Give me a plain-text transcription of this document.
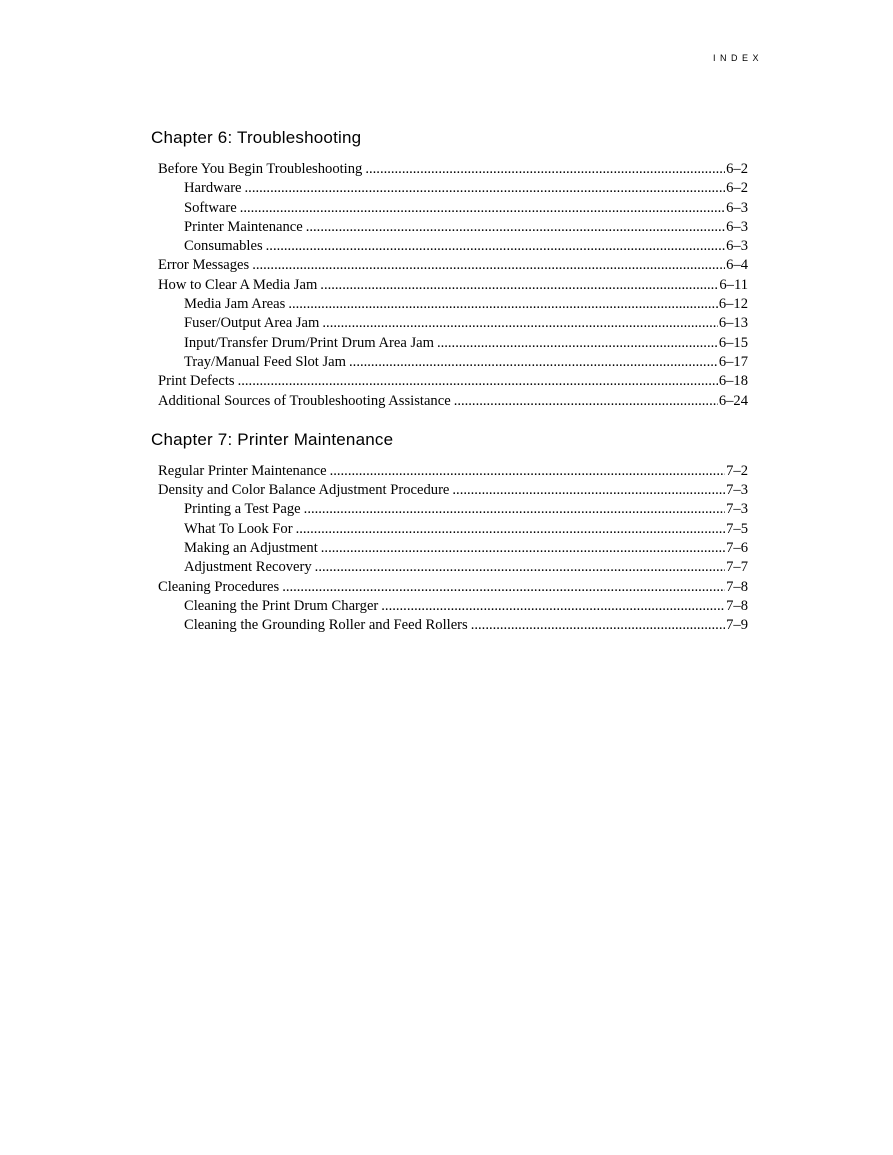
INDEX
Chapter 6: Troubleshooting
Before You Begin Troubleshooting .....	6–2
Hardware .....	6–2
Software .....	6–3
Printer Maintenance .....	6–3
Consumables .....	6–3
Error Messages .....	6–4
How to Clear A Media Jam .....	6–11
Media Jam Areas .....	6–12
Fuser/Output Area Jam .....	6–13
Input/Transfer Drum/Print Drum Area Jam .....	6–15
Tray/Manual Feed Slot Jam .....	6–17
Print Defects .....	6–18
Additional Sources of Troubleshooting Assistance .....	6–24
Chapter 7: Printer Maintenance
Regular Printer Maintenance .....	7–2
Density and Color Balance Adjustment Procedure .....	7–3
Printing a Test Page .....	7–3
What To Look For .....	7–5
Making an Adjustment .....	7–6
Adjustment Recovery .....	7–7
Cleaning Procedures .....	7–8
Cleaning the Print Drum Charger .....	7–8
Cleaning the Grounding Roller and Feed Rollers .....	7–9
